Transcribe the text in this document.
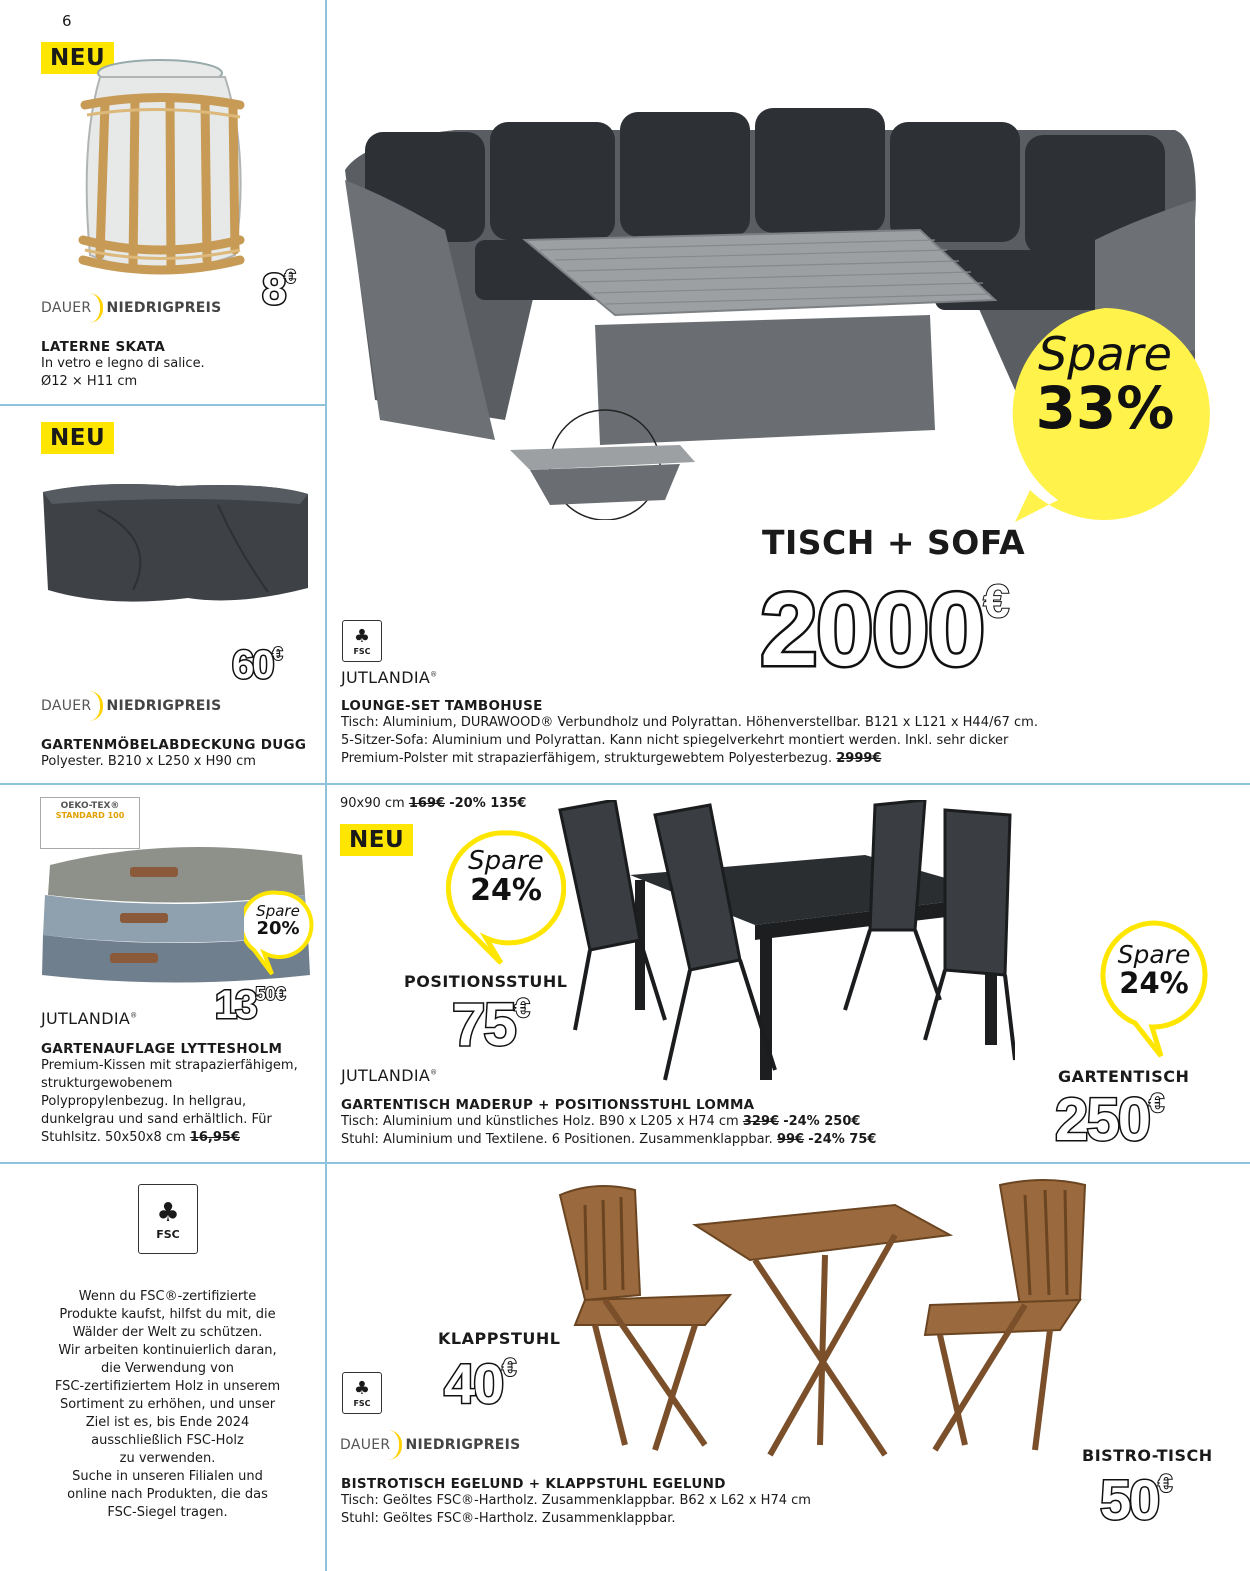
6
NEU
8€
DAUER NIEDRIGPREIS
LATERNE SKATA
In vetro e legno di salice.
Ø12 × H11 cm
NEU
60€
DAUER NIEDRIGPREIS
GARTENMÖBELABDECKUNG DUGG
Polyester. B210 x L250 x H90 cm
Spare
33%
TISCH + SOFA
2000€
♣
FSC
JUTLANDIA®
LOUNGE-SET TAMBOHUSE
Tisch: Aluminium, DURAWOOD® Verbundholz und Polyrattan. Höhenverstellbar. B121 x L121 x H44/67 cm.
5-Sitzer-Sofa: Aluminium und Polyrattan. Kann nicht spiegelverkehrt montiert werden. Inkl. sehr dicker
Premium-Polster mit strapazierfähigem, strukturgewebtem Polyesterbezug. 2999€
OEKO-TEX®
STANDARD 100
Spare
20%
$13^{50€}$
JUTLANDIA®
GARTENAUFLAGE LYTTESHOLM
Premium-Kissen mit strapazierfähigem,
strukturgewobenem
Polypropylenbezug. In hellgrau,
dunkelgrau und sand erhältlich. Für
Stuhlsitz. 50x50x8 cm 16,95€
90x90 cm 169€ -20% 135€
NEU
Spare
24%
POSITIONSSTUHL
75€
Spare
24%
GARTENTISCH
250€
JUTLANDIA®
GARTENTISCH MADERUP + POSITIONSSTUHL LOMMA
Tisch: Aluminium und künstliches Holz. B90 x L205 x H74 cm 329€ -24% 250€
Stuhl: Aluminium und Textilene. 6 Positionen. Zusammenklappbar. 99€ -24% 75€
♣
FSC
Wenn du FSC®-zertifizierte
Produkte kaufst, hilfst du mit, die
Wälder der Welt zu schützen.
Wir arbeiten kontinuierlich daran,
die Verwendung von
FSC-zertifiziertem Holz in unserem
Sortiment zu erhöhen, und unser
Ziel ist es, bis Ende 2024
ausschließlich FSC-Holz
zu verwenden.
Suche in unseren Filialen und
online nach Produkten, die das
FSC-Siegel tragen.
KLAPPSTUHL
40€
♣
FSC
DAUER NIEDRIGPREIS
BISTRO-TISCH
50€
BISTROTISCH EGELUND + KLAPPSTUHL EGELUND
Tisch: Geöltes FSC®-Hartholz. Zusammenklappbar. B62 x L62 x H74 cm
Stuhl: Geöltes FSC®-Hartholz. Zusammenklappbar.
